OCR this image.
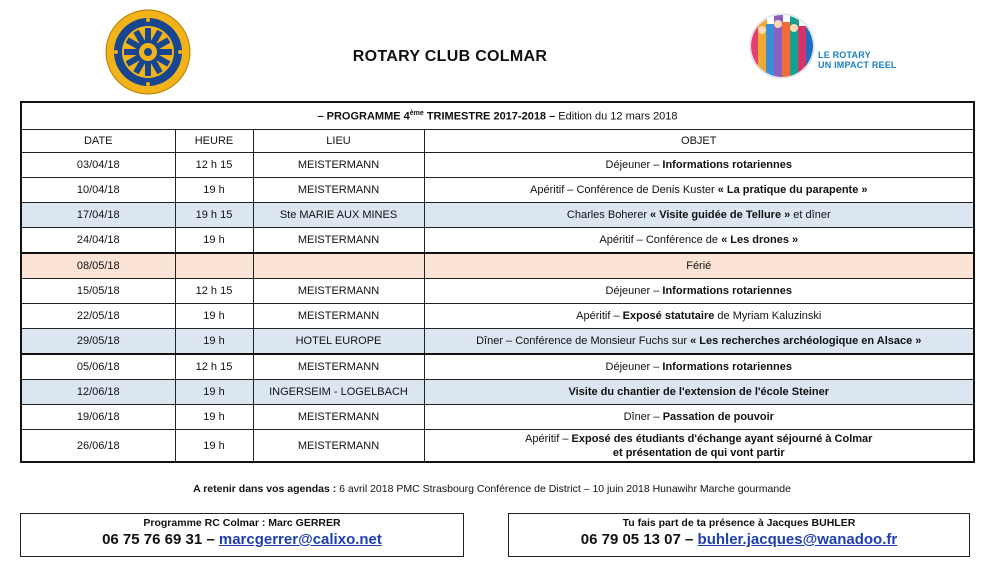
LE ROTARY
UN IMPACT REEL
ROTARY CLUB COLMAR
– PROGRAMME 4ème TRIMESTRE 2017-2018 – Edition du 12 mars 2018			
DATE	HEURE	LIEU	OBJET
03/04/18	12 h 15	MEISTERMANN	Déjeuner – Informations rotariennes
10/04/18	19 h	MEISTERMANN	Apéritif – Conférence de Denis Kuster « La pratique du parapente »
17/04/18	19 h 15	Ste MARIE AUX MINES	Charles Boherer « Visite guidée de Tellure » et dîner
24/04/18	19 h	MEISTERMANN	Apéritif – Conférence de « Les drones »
08/05/18			Férié
15/05/18	12 h 15	MEISTERMANN	Déjeuner – Informations rotariennes
22/05/18	19 h	MEISTERMANN	Apéritif – Exposé statutaire de Myriam Kaluzinski
29/05/18	19 h	HOTEL EUROPE	Dîner – Conférence de Monsieur Fuchs sur « Les recherches archéologique en Alsace »
05/06/18	12 h 15	MEISTERMANN	Déjeuner – Informations rotariennes
12/06/18	19 h	INGERSEIM - LOGELBACH	Visite du chantier de l'extension de l'école Steiner
19/06/18	19 h	MEISTERMANN	Dîner – Passation de pouvoir
26/06/18	19 h	MEISTERMANN	Apéritif – Exposé des étudiants d'échange ayant séjourné à Colmar
et présentation de qui vont partir
A retenir dans vos agendas : 6 avril 2018 PMC Strasbourg Conférence de District – 10 juin 2018 Hunawihr Marche gourmande
Programme RC Colmar : Marc GERRER
06 75 76 69 31 – marcgerrer@calixo.net
Tu fais part de ta présence à Jacques BUHLER
06 79 05 13 07 – buhler.jacques@wanadoo.fr
